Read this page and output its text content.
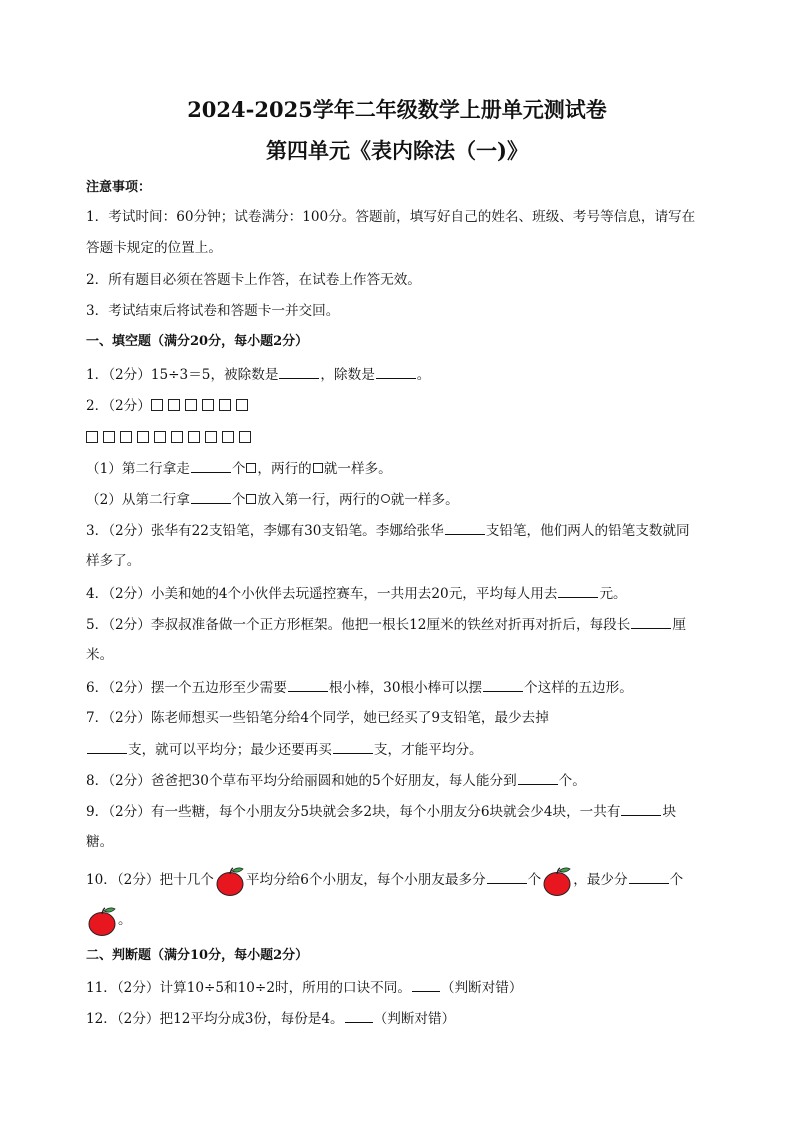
2024-2025学年二年级数学上册单元测试卷
第四单元《表内除法（一)》
注意事项：
1．考试时间：60分钟；试卷满分：100分。答题前，填写好自己的姓名、班级、考号等信息，请写在
答题卡规定的位置上。
2．所有题目必须在答题卡上作答，在试卷上作答无效。
3．考试结束后将试卷和答题卡一并交回。
一、填空题（满分20分，每小题2分）
1．（2分）15÷3＝5，被除数是	，除数是	。
2．（2分）
（1）第二行拿走	个 ，两行的 就一样多。
（2）从第二行拿	个 放入第一行，两行的 就一样多。
3．（2分）张华有22支铅笔，李娜有30支铅笔。李娜给张华	支铅笔，他们两人的铅笔支数就同
样多了。
4．（2分）小美和她的4个小伙伴去玩遥控赛车，一共用去20元，平均每人用去	元。
5．（2分）李叔叔准备做一个正方形框架。他把一根长12厘米的铁丝对折再对折后，每段长	厘
米。
6．（2分）摆一个五边形至少需要	根小棒，30根小棒可以摆	个这样的五边形。
7．（2分）陈老师想买一些铅笔分给4个同学，她已经买了9支铅笔，最少去掉
支，就可以平均分；最少还要再买	支，才能平均分。
8．（2分）爸爸把30个草布平均分给丽圆和她的5个好朋友，每人能分到	个。
9．（2分）有一些糖，每个小朋友分5块就会多2块，每个小朋友分6块就会少4块，一共有	块
糖。
10．（2分）把十几个 平均分给6个小朋友，每个小朋友最多分	个 ，最少分	个
。
二、判断题（满分10分，每小题2分）
11．（2分）计算10÷5和10÷2时，所用的口诀不同。 （判断对错）
12．（2分）把12平均分成3份，每份是4。 （判断对错）
